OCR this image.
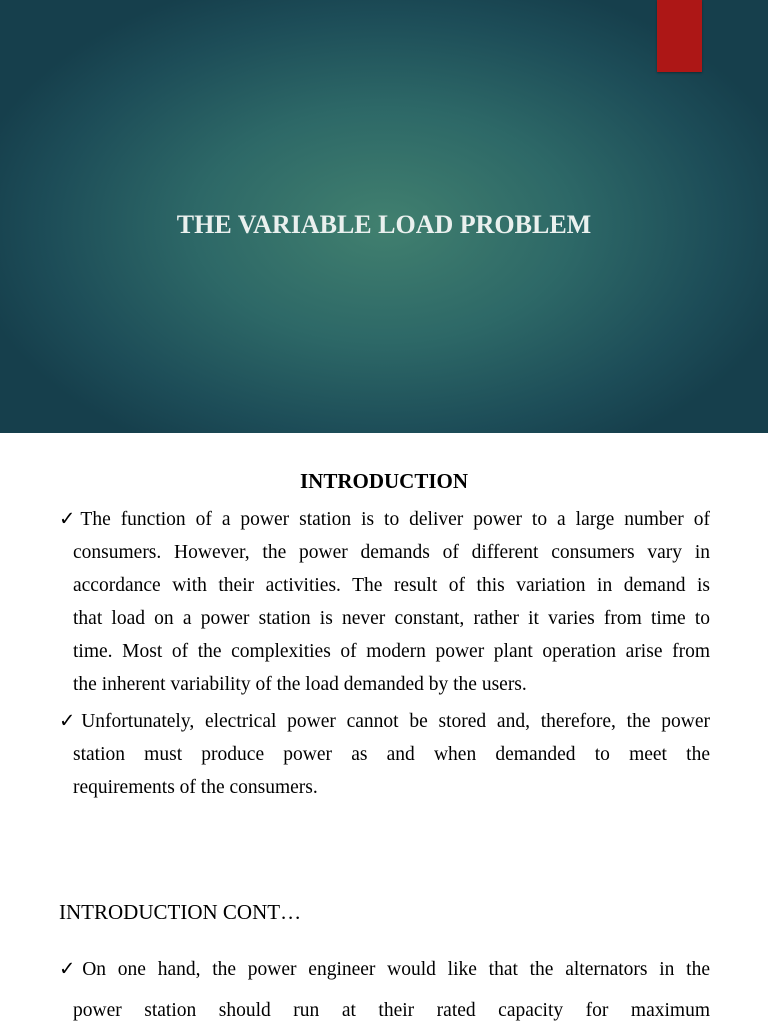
THE VARIABLE LOAD PROBLEM
INTRODUCTION
✓The function of a power station is to deliver power to a large number of
consumers. However, the power demands of different consumers vary in
accordance with their activities. The result of this variation in demand is
that load on a power station is never constant, rather it varies from time to
time. Most of the complexities of modern power plant operation arise from
the inherent variability of the load demanded by the users.
✓Unfortunately, electrical power cannot be stored and, therefore, the power
station must produce power as and when demanded to meet the
requirements of the consumers.
INTRODUCTION CONT…
✓On one hand, the power engineer would like that the alternators in the
power station should run at their rated capacity for maximum
